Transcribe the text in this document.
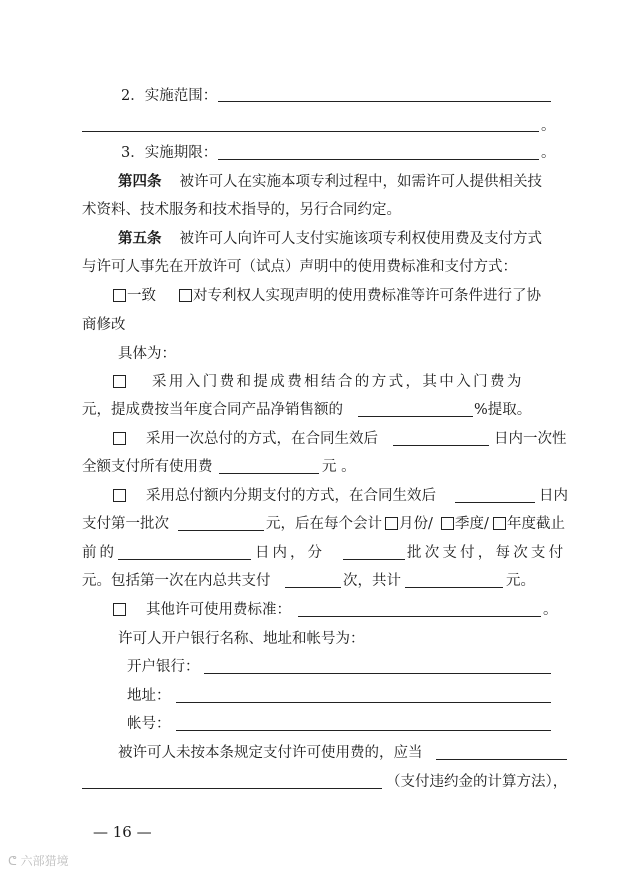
2．实施范围：
。
3．实施期限：	。
第四条 被许可人在实施本项专利过程中，如需许可人提供相关技
术资料、技术服务和技术指导的，另行合同约定。
第五条 被许可人向许可人支付实施该项专利权使用费及支付方式
与许可人事先在开放许可（试点）声明中的使用费标准和支付方式：
一致	对专利权人实现声明的使用费标准等许可条件进行了协
商修改
具体为：
采用入门费和提成费相结合的方式，其中入门费为
元，提成费按当年度合同产品净销售额的	%提取。
采用一次总付的方式，在合同生效后	日内一次性
全额支付所有使用费	元 。
采用总付额内分期支付的方式，在合同生效后	日内
支付第一批次	元，后在每个会计 月份/ 季度/ 年度截止
前的	日内，分	批次支付，每次支付
元。包括第一次在内总共支付	次，共计	元。
其他许可使用费标准：	。
许可人开户银行名称、地址和帐号为：
开户银行：
地址：
帐号：
被许可人未按本条规定支付许可使用费的，应当
（支付违约金的计算方法），
— 16 —
ᕦ 六部猎境
